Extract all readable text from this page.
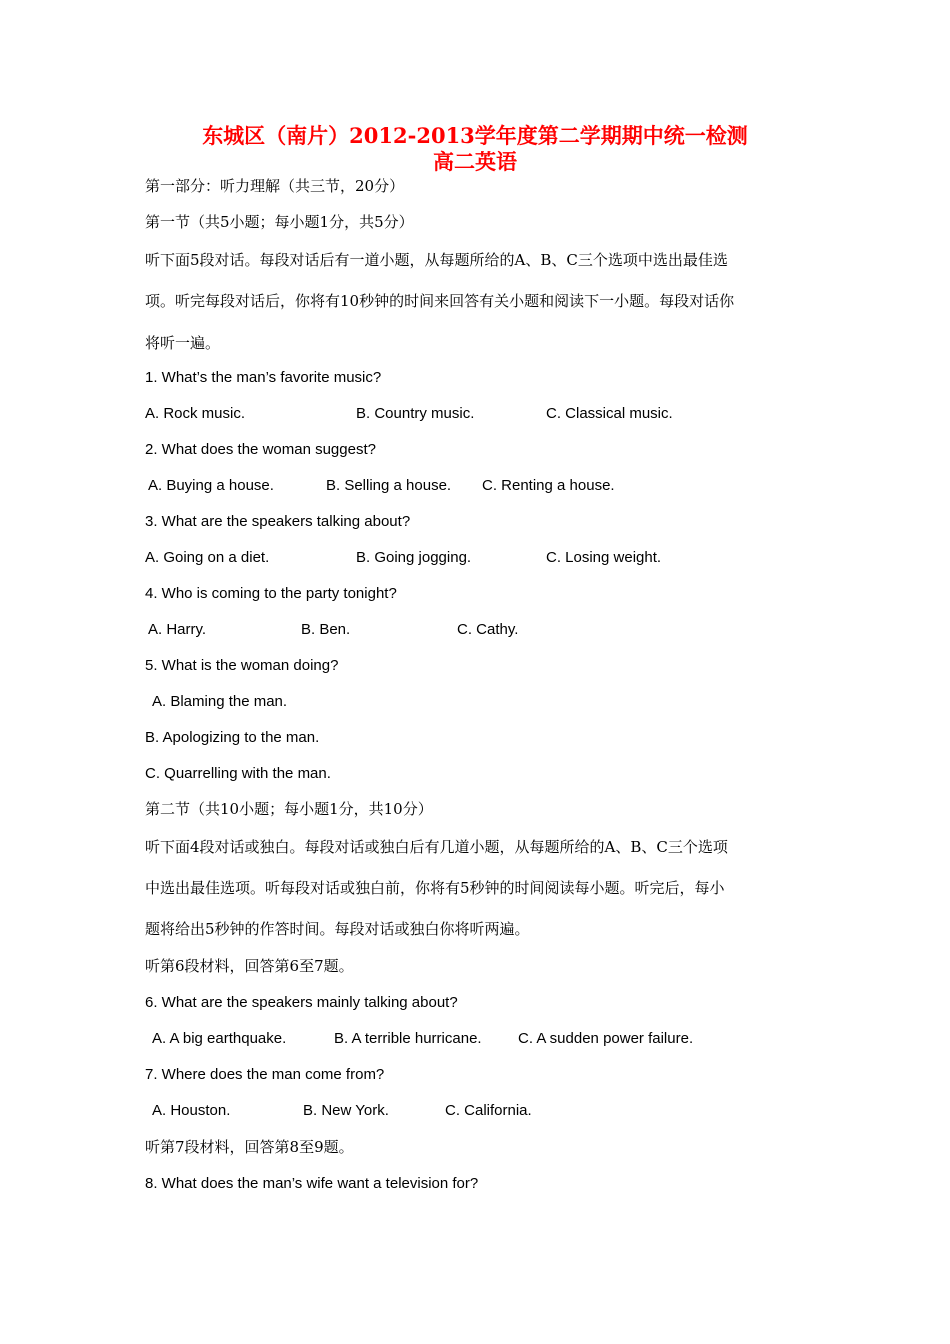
东城区（南片）2012-2013学年度第二学期期中统一检测
高二英语
第一部分：听力理解（共三节，20分）
第一节（共5小题；每小题1分，共5分）
听下面5段对话。每段对话后有一道小题，从每题所给的A、B、C三个选项中选出最佳选
项。听完每段对话后，你将有10秒钟的时间来回答有关小题和阅读下一小题。每段对话你
将听一遍。
1. What’s the man’s favorite music?
A. Rock music.	B. Country music.	C. Classical music.
2. What does the woman suggest?
A. Buying a house.	B. Selling a house. C. Renting a house.
3. What are the speakers talking about?
A. Going on a diet.	B. Going jogging.	C. Losing weight.
4. Who is coming to the party tonight?
A. Harry.	B. Ben.	C. Cathy.
5. What is the woman doing?
A. Blaming the man.
B. Apologizing to the man.
C. Quarrelling with the man.
第二节（共10小题；每小题1分，共10分）
听下面4段对话或独白。每段对话或独白后有几道小题，从每题所给的A、B、C三个选项
中选出最佳选项。听每段对话或独白前，你将有5秒钟的时间阅读每小题。听完后，每小
题将给出5秒钟的作答时间。每段对话或独白你将听两遍。
听第6段材料，回答第6至7题。
6. What are the speakers mainly talking about?
A. A big earthquake.	B. A terrible hurricane. C. A sudden power failure.
7. Where does the man come from?
A. Houston.	B. New York.	C. California.
听第7段材料，回答第8至9题。
8. What does the man’s wife want a television for?
